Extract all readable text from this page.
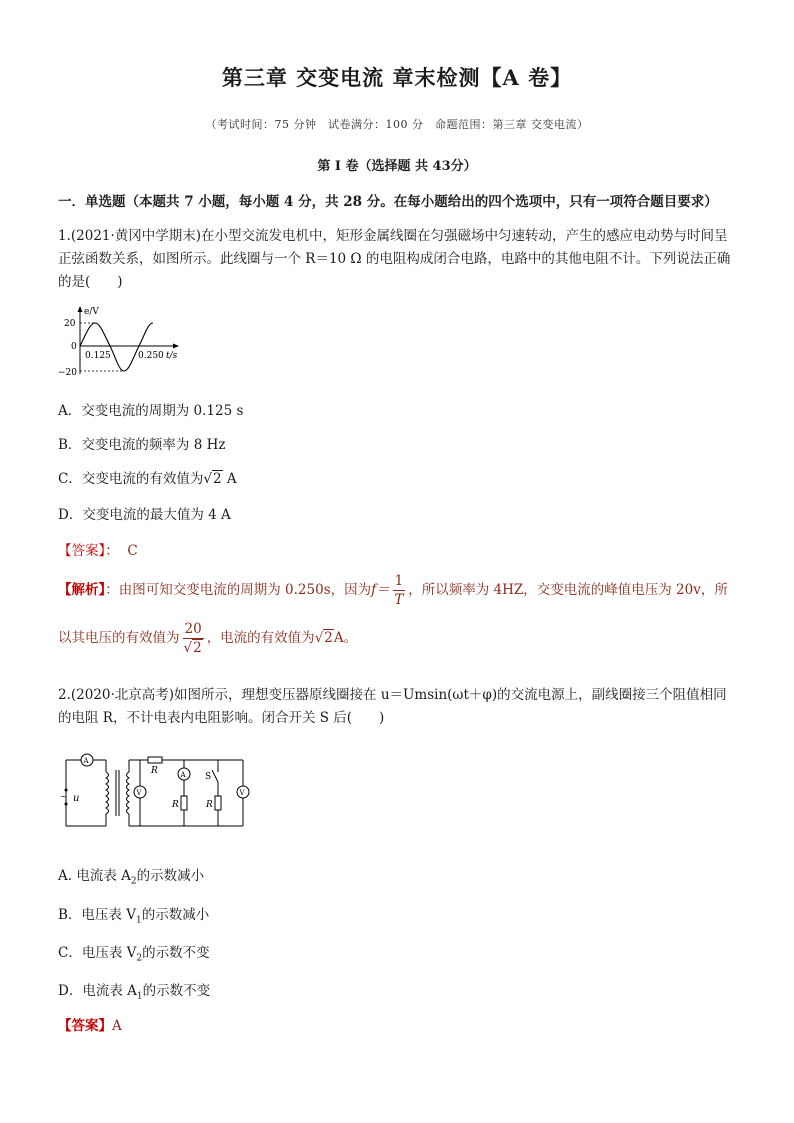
第三章 交变电流 章末检测【A 卷】
（考试时间：75 分钟　试卷满分：100 分　命题范围：第三章 交变电流）
第 I 卷（选择题 共 43分）
一．单选题（本题共 7 小题，每小题 4 分，共 28 分。在每小题给出的四个选项中，只有一项符合题目要求）
1.(2021·黄冈中学期末)在小型交流发电机中，矩形金属线圈在匀强磁场中匀速转动，产生的感应电动势与时间呈正弦函数关系，如图所示。此线圈与一个 R＝10 Ω 的电阻构成闭合电路，电路中的其他电阻不计。下列说法正确的是(　　)
e/V
20
0
−20
0.125	0.250 t/s
A．交变电流的周期为 0.125 s
B．交变电流的频率为 8 Hz
C．交变电流的有效值为√2 A
D．交变电流的最大值为 4 A
【答案】： C
【解析】：由图可知交变电流的周期为 0.250s，因为$f= \frac{1}{T}$ ，所以频率为 4HZ，交变电流的峰值电压为 20v，所
以其电压的有效值为 $\frac{20}{√2}$ ，电流的有效值为√2A。
2.(2020·北京高考)如图所示，理想变压器原线圈接在 u＝Umsin(ωt＋φ)的交流电源上，副线圈接三个阻值相同的电阻 R，不计电表内电阻影响。闭合开关 S 后(　　)
~ u
A
V
R	A
R
S
R
V
A. 电流表 $A_2$的示数减小
B．电压表 $V_1$的示数减小
C．电压表 $V_2$的示数不变
D．电流表 $A_1$的示数不变
【答案】A
